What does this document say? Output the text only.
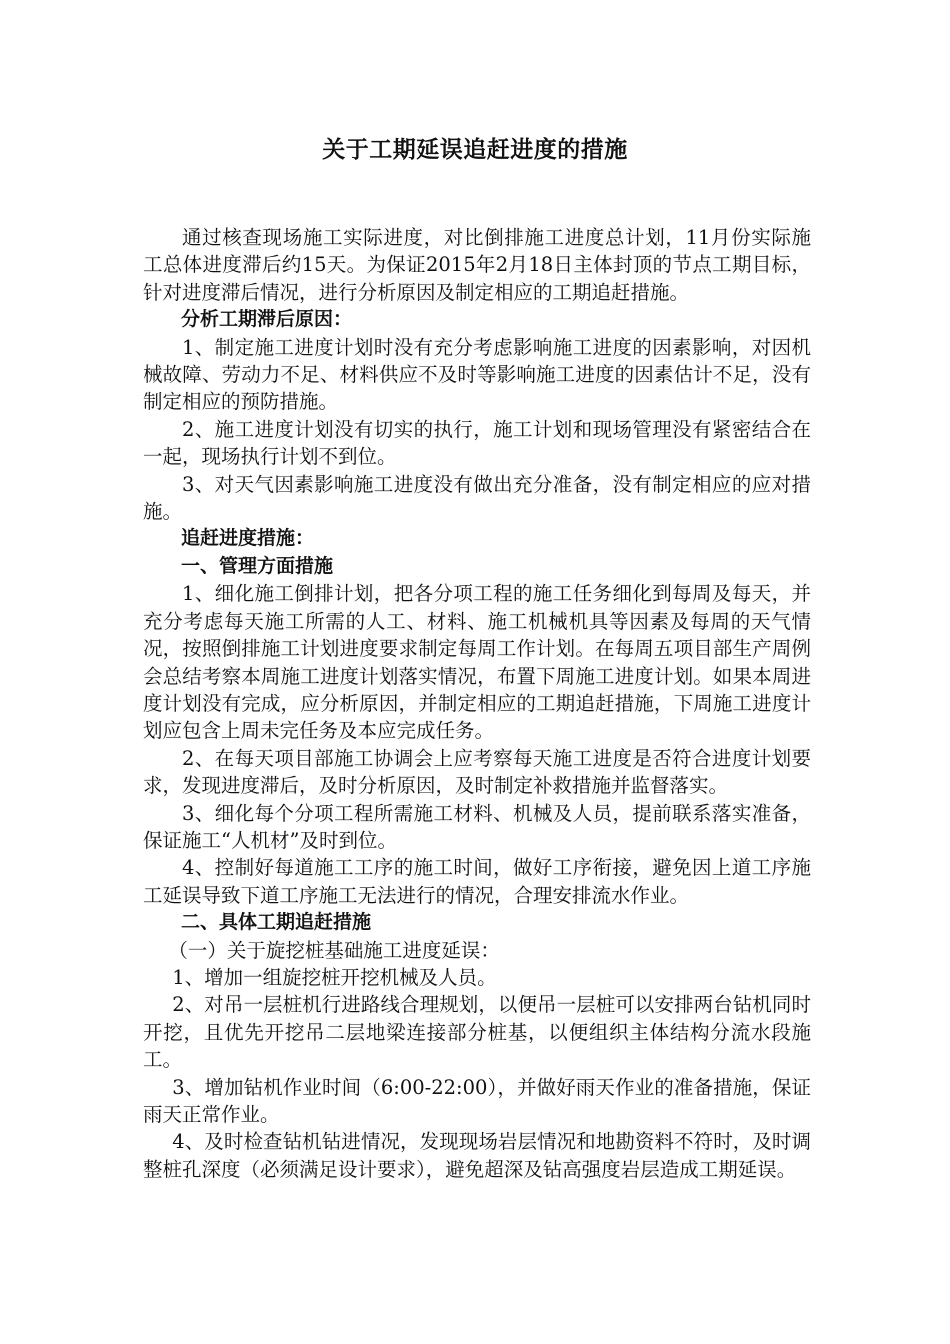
关于工期延误追赶进度的措施

通过核查现场施工实际进度，对比倒排施工进度总计划，11月份实际施工总体进度滞后约15天。为保证2015年2月18日主体封顶的节点工期目标，针对进度滞后情况，进行分析原因及制定相应的工期追赶措施。

分析工期滞后原因：

1、制定施工进度计划时没有充分考虑影响施工进度的因素影响，对因机械故障、劳动力不足、材料供应不及时等影响施工进度的因素估计不足，没有制定相应的预防措施。

2、施工进度计划没有切实的执行，施工计划和现场管理没有紧密结合在一起，现场执行计划不到位。

3、对天气因素影响施工进度没有做出充分准备，没有制定相应的应对措施。

追赶进度措施：

一、管理方面措施

1、细化施工倒排计划，把各分项工程的施工任务细化到每周及每天，并充分考虑每天施工所需的人工、材料、施工机械机具等因素及每周的天气情况，按照倒排施工计划进度要求制定每周工作计划。在每周五项目部生产周例会总结考察本周施工进度计划落实情况，布置下周施工进度计划。如果本周进度计划没有完成，应分析原因，并制定相应的工期追赶措施，下周施工进度计划应包含上周未完任务及本应完成任务。

2、在每天项目部施工协调会上应考察每天施工进度是否符合进度计划要求，发现进度滞后，及时分析原因，及时制定补救措施并监督落实。

3、细化每个分项工程所需施工材料、机械及人员，提前联系落实准备，保证施工“人机材”及时到位。

4、控制好每道施工工序的施工时间，做好工序衔接，避免因上道工序施工延误导致下道工序施工无法进行的情况，合理安排流水作业。

二、具体工期追赶措施

（一）关于旋挖桩基础施工进度延误：

1、增加一组旋挖桩开挖机械及人员。

2、对吊一层桩机行进路线合理规划，以便吊一层桩可以安排两台钻机同时开挖，且优先开挖吊二层地梁连接部分桩基，以便组织主体结构分流水段施工。

3、增加钻机作业时间（6:00-22:00），并做好雨天作业的准备措施，保证雨天正常作业。

4、及时检查钻机钻进情况，发现现场岩层情况和地勘资料不符时，及时调整桩孔深度（必须满足设计要求），避免超深及钻高强度岩层造成工期延误。
